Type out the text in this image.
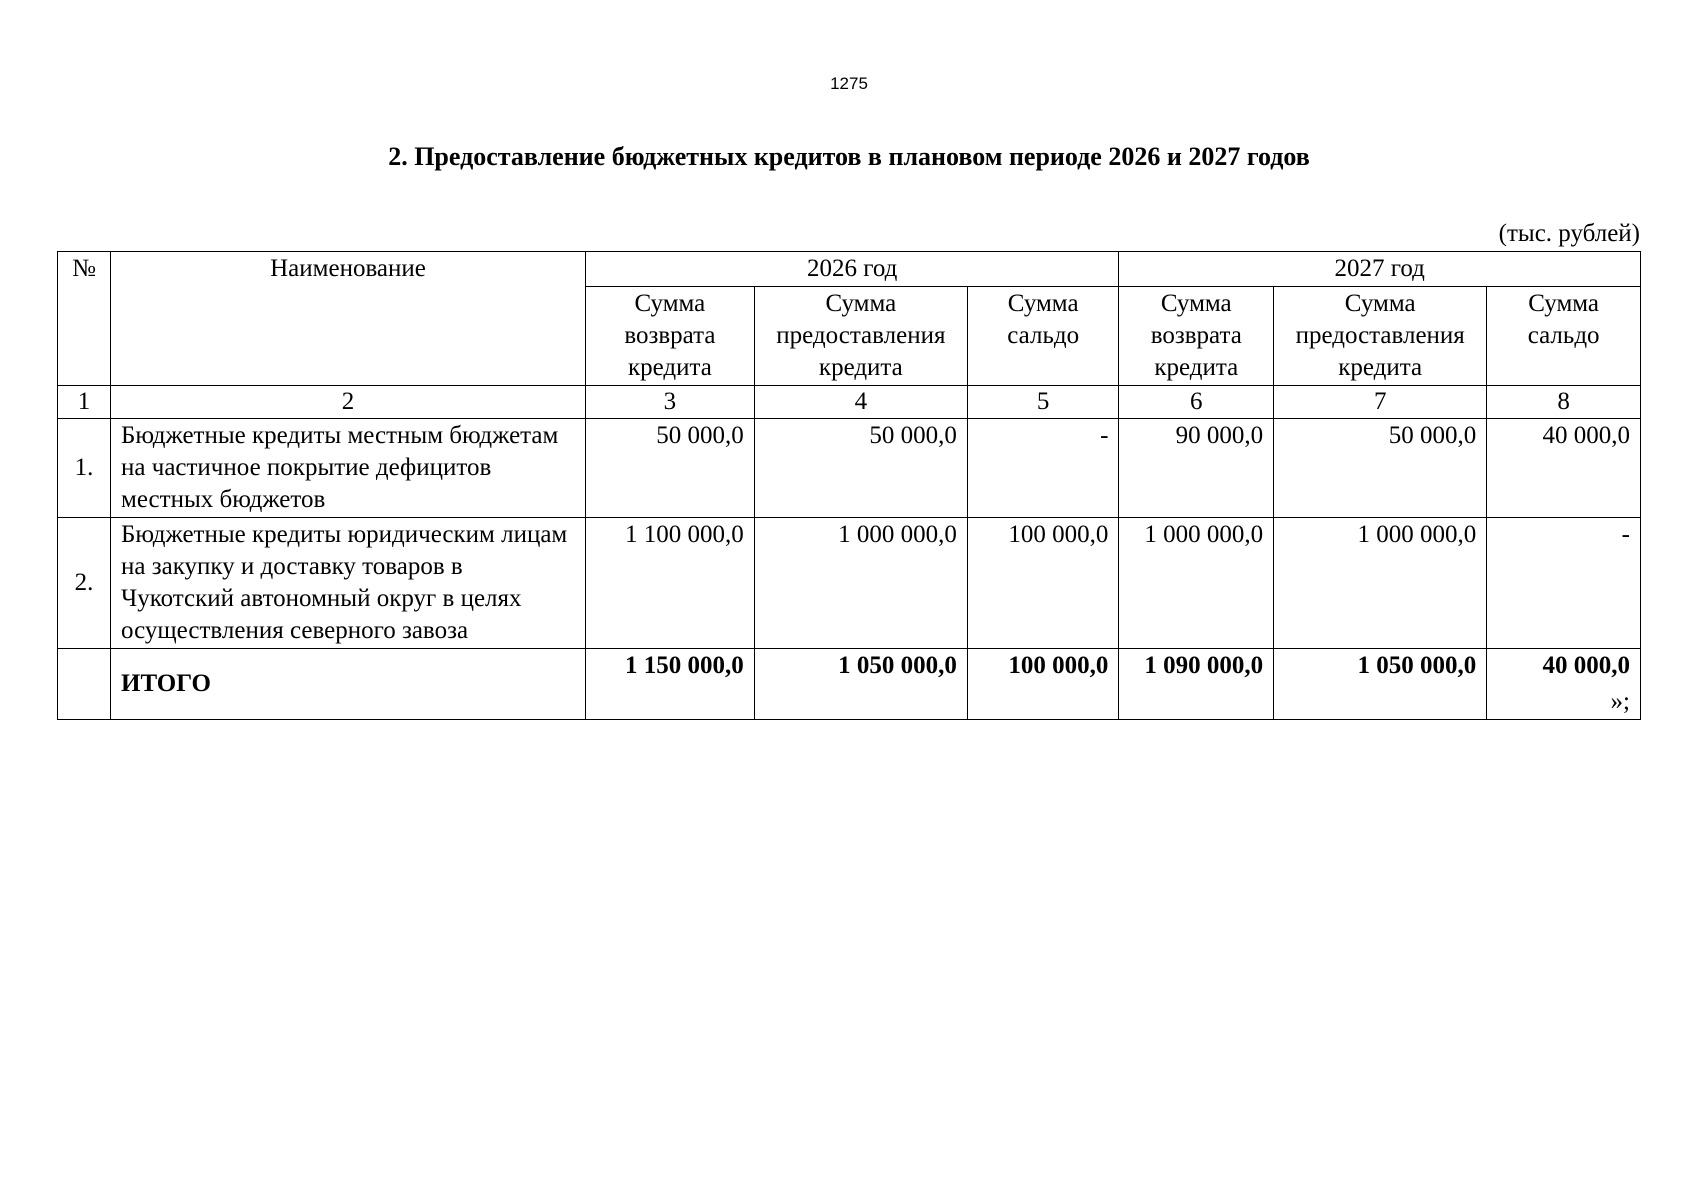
1275
2. Предоставление бюджетных кредитов в плановом периоде 2026 и 2027 годов
(тыс. рублей)
№	Наименование	2026 год			2027 год		
		Сумма возврата кредита	Сумма предоставления кредита	Сумма сальдо	Сумма возврата кредита	Сумма предоставления кредита	Сумма сальдо
1	2	3	4	5	6	7	8
1.	Бюджетные кредиты местным бюджетам на частичное покрытие дефицитов местных бюджетов	50 000,0	50 000,0	-	90 000,0	50 000,0	40 000,0
2.	Бюджетные кредиты юридическим лицам на закупку и доставку товаров в Чукотский автономный округ в целях осуществления северного завоза	1 100 000,0	1 000 000,0	100 000,0	1 000 000,0	1 000 000,0	-
	ИТОГО	1 150 000,0	1 050 000,0	100 000,0	1 090 000,0	1 050 000,0	40 000,0
»;
